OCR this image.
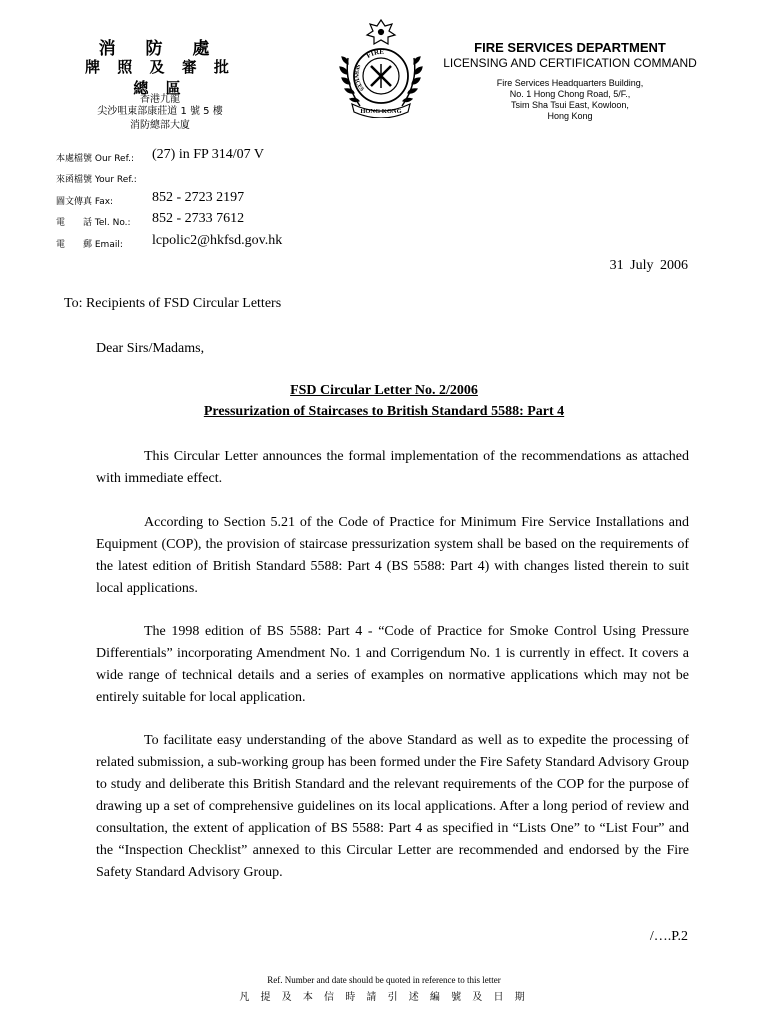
消 防 處
牌 照 及 審 批 總 區
香港九龍
尖沙咀東部康莊道 1 號 5 樓
消防總部大廈
FIRE
SERVICES
HONG KONG
FIRE SERVICES DEPARTMENT
LICENSING AND CERTIFICATION COMMAND
Fire Services Headquarters Building,
No. 1 Hong Chong Road, 5/F.,
Tsim Sha Tsui East, Kowloon,
Hong Kong
本處檔號 Our Ref.: (27) in FP 314/07 V
來函檔號 Your Ref.:
圖文傳真 Fax:	852 - 2723 2197
電　　話 Tel. No.: 852 - 2733 7612
電　　郵 Email: lcpolic2@hkfsd.gov.hk
31 July 2006
To: Recipients of FSD Circular Letters
Dear Sirs/Madams,
FSD Circular Letter No. 2/2006
Pressurization of Staircases to British Standard 5588: Part 4

This Circular Letter announces the formal implementation of the recommendations as attached with immediate effect.

According to Section 5.21 of the Code of Practice for Minimum Fire Service Installations and Equipment (COP), the provision of staircase pressurization system shall be based on the requirements of the latest edition of British Standard 5588: Part 4 (BS 5588: Part 4) with changes listed therein to suit local applications.

The 1998 edition of BS 5588: Part 4 - “Code of Practice for Smoke Control Using Pressure Differentials” incorporating Amendment No. 1 and Corrigendum No. 1 is currently in effect. It covers a wide range of technical details and a series of examples on normative applications which may not be entirely suitable for local application.

To facilitate easy understanding of the above Standard as well as to expedite the processing of related submission, a sub-working group has been formed under the Fire Safety Standard Advisory Group to study and deliberate this British Standard and the relevant requirements of the COP for the purpose of drawing up a set of comprehensive guidelines on its local applications. After a long period of review and consultation, the extent of application of BS 5588: Part 4 as specified in “Lists One” to “List Four” and the “Inspection Checklist” annexed to this Circular Letter are recommended and endorsed by the Fire Safety Standard Advisory Group.

/….P.2
Ref. Number and date should be quoted in reference to this letter
凡 提 及 本 信 時 請 引 述 編 號 及 日 期
